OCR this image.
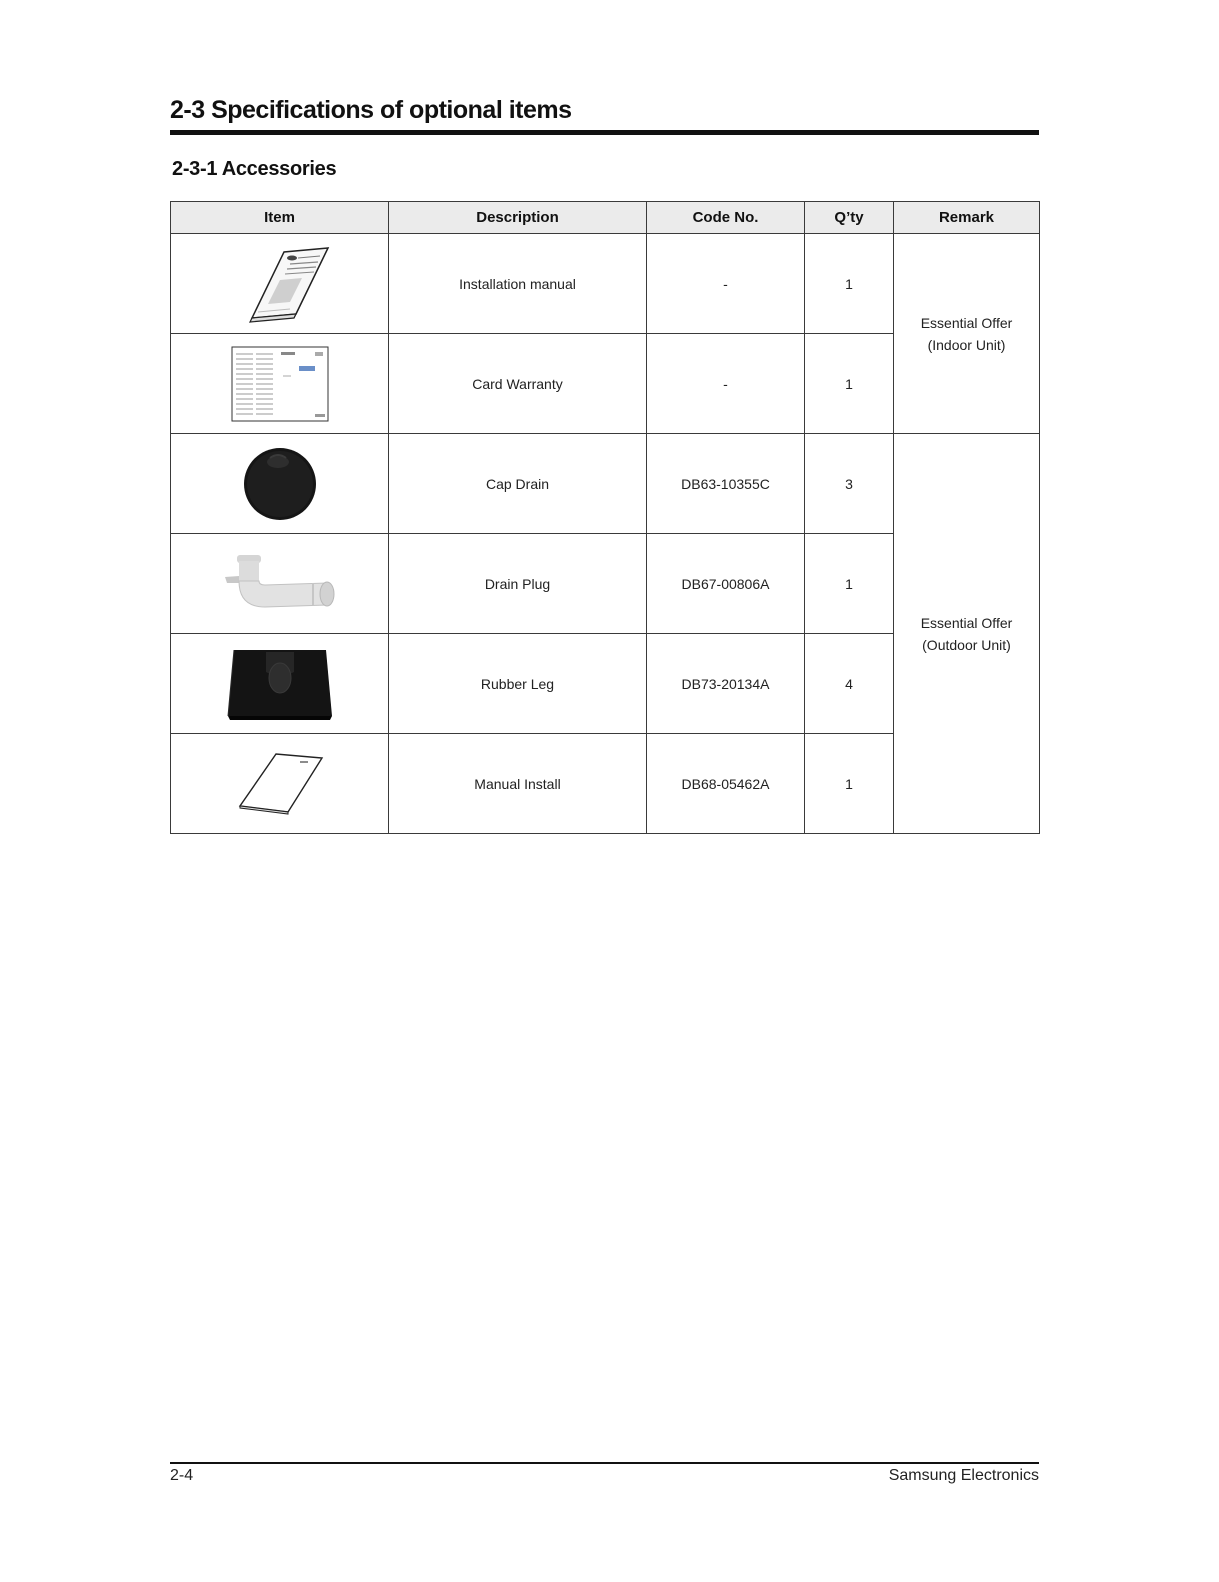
2-3 Specifications of optional items
2-3-1 Accessories
Item	Description	Code No.	Q’ty	Remark

	Installation manual	-	1	Essential Offer
(Indoor Unit)

	Card Warranty	-	1	

	Cap Drain	DB63-10355C	3	Essential Offer
(Outdoor Unit)

	Drain Plug	DB67-00806A	1	

	Rubber Leg	DB73-20134A	4	

	Manual Install	DB68-05462A	1	
2-4	Samsung Electronics
